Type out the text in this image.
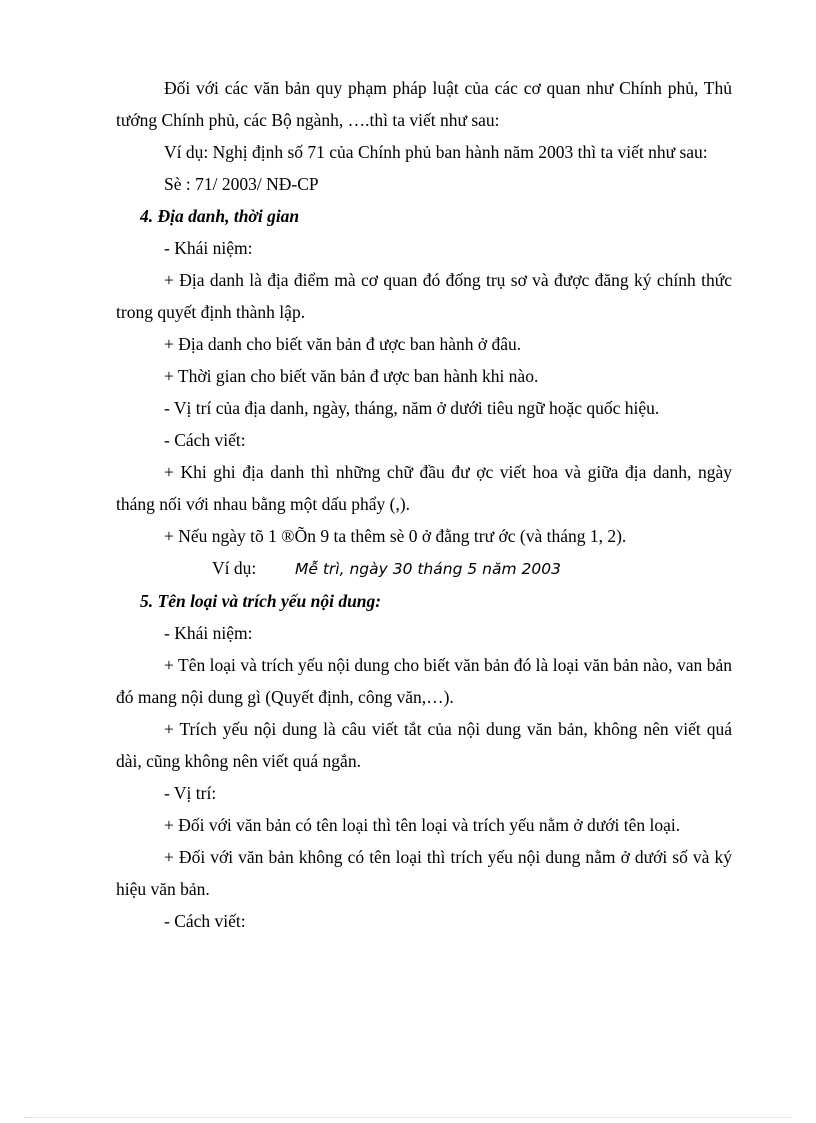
Đối với các văn bản quy phạm pháp luật của các cơ quan như Chính phủ, Thủ tướng Chính phủ, các Bộ ngành, ….thì ta viết như sau:

Ví dụ: Nghị định số 71 của Chính phủ ban hành năm 2003 thì ta viết như sau:

Sè : 71/ 2003/ NĐ-CP

4. Địa danh, thời gian

- Khái niệm:

+ Địa danh là địa điểm mà cơ quan đó đống trụ sơ và được đăng ký chính thức trong quyết định thành lập.

+ Địa danh cho biết văn bản đ ược ban hành ở đâu.

+ Thời gian cho biết văn bản đ ược ban hành khi nào.

- Vị trí của địa danh, ngày, tháng, năm ở dưới tiêu ngữ hoặc quốc hiệu.

- Cách viết:

+ Khi ghi địa danh thì những chữ đầu đư ợc viết hoa và giữa địa danh, ngày tháng nối với nhau bằng một dấu phẩy (,).

+ Nếu ngày tõ 1 ®Õn 9 ta thêm sè 0 ở đằng trư ớc (và tháng 1, 2).

Ví dụ:	Mễ trì, ngày 30 tháng 5 năm 2003

5. Tên loại và trích yếu nội dung:

- Khái niệm:

+ Tên loại và trích yếu nội dung cho biết văn bản đó là loại văn bản nào, van bản đó mang nội dung gì (Quyết định, công văn,…).

+ Trích yếu nội dung là câu viết tắt của nội dung văn bản, không nên viết quá dài, cũng không nên viết quá ngắn.

- Vị trí:

+ Đối với văn bản có tên loại thì tên loại và trích yếu nằm ở dưới tên loại.

+ Đối với văn bản không có tên loại thì trích yếu nội dung nằm ở dưới số và ký hiệu văn bản.

- Cách viết:
